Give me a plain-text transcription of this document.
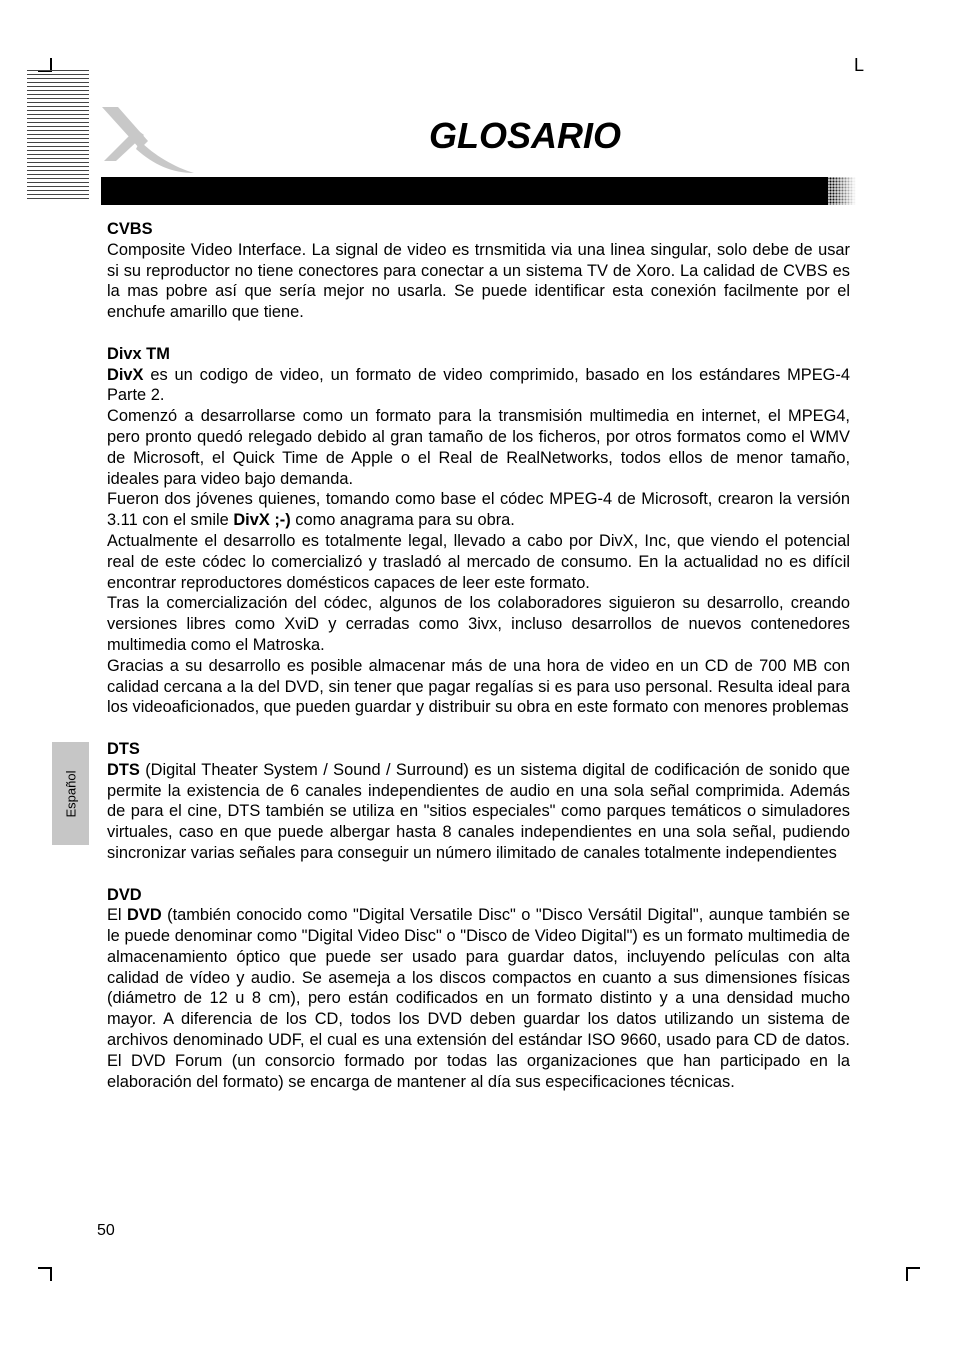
L
GLOSARIO
Español
CVBS

Composite Video Interface. La signal de video es trnsmitida via una linea singular, solo debe de usar si su reproductor no tiene conectores para conectar a un sistema TV de Xoro. La calidad de CVBS es la mas pobre así que sería mejor no usarla. Se puede identificar esta conexión facilmente por el enchufe amarillo que tiene.

Divx TM

DivX es un codigo de video, un formato de video comprimido, basado en los estándares MPEG-4 Parte 2.

Comenzó a desarrollarse como un formato para la transmisión multimedia en internet, el MPEG4, pero pronto quedó relegado debido al gran tamaño de los ficheros, por otros formatos como el WMV de Microsoft, el Quick Time de Apple o el Real de RealNetworks, todos ellos de menor tamaño, ideales para video bajo demanda.

Fueron dos jóvenes quienes, tomando como base el códec MPEG-4 de Microsoft, crearon la versión 3.11 con el smile DivX ;-) como anagrama para su obra.

Actualmente el desarrollo es totalmente legal, llevado a cabo por DivX, Inc, que viendo el potencial real de este códec lo comercializó y trasladó al mercado de consumo. En la actualidad no es difícil encontrar reproductores domésticos capaces de leer este formato.

Tras la comercialización del códec, algunos de los colaboradores siguieron su desarrollo, creando versiones libres como XviD y cerradas como 3ivx, incluso desarrollos de nuevos contenedores multimedia como el Matroska.

Gracias a su desarrollo es posible almacenar más de una hora de video en un CD de 700 MB con calidad cercana a la del DVD, sin tener que pagar regalías si es para uso personal. Resulta ideal para los videoaficionados, que pueden guardar y distribuir su obra en este formato con menores problemas

DTS

DTS (Digital Theater System / Sound / Surround) es un sistema digital de codificación de sonido que permite la existencia de 6 canales independientes de audio en una sola señal comprimida. Además de para el cine, DTS también se utiliza en "sitios especiales" como parques temáticos o simuladores virtuales, caso en que puede albergar hasta 8 canales independientes en una sola señal, pudiendo sincronizar varias señales para conseguir un número ilimitado de canales totalmente independientes

DVD

El DVD (también conocido como "Digital Versatile Disc" o "Disco Versátil Digital", aunque también se le puede denominar como "Digital Video Disc" o "Disco de Video Digital") es un formato multimedia de almacenamiento óptico que puede ser usado para guardar datos, incluyendo películas con alta calidad de vídeo y audio. Se asemeja a los discos compactos en cuanto a sus dimensiones físicas (diámetro de 12 u 8 cm), pero están codificados en un formato distinto y a una densidad mucho mayor. A diferencia de los CD, todos los DVD deben guardar los datos utilizando un sistema de archivos denominado UDF, el cual es una extensión del estándar ISO 9660, usado para CD de datos. El DVD Forum (un consorcio formado por todas las organizaciones que han participado en la elaboración del formato) se encarga de mantener al día sus especificaciones técnicas.

50
